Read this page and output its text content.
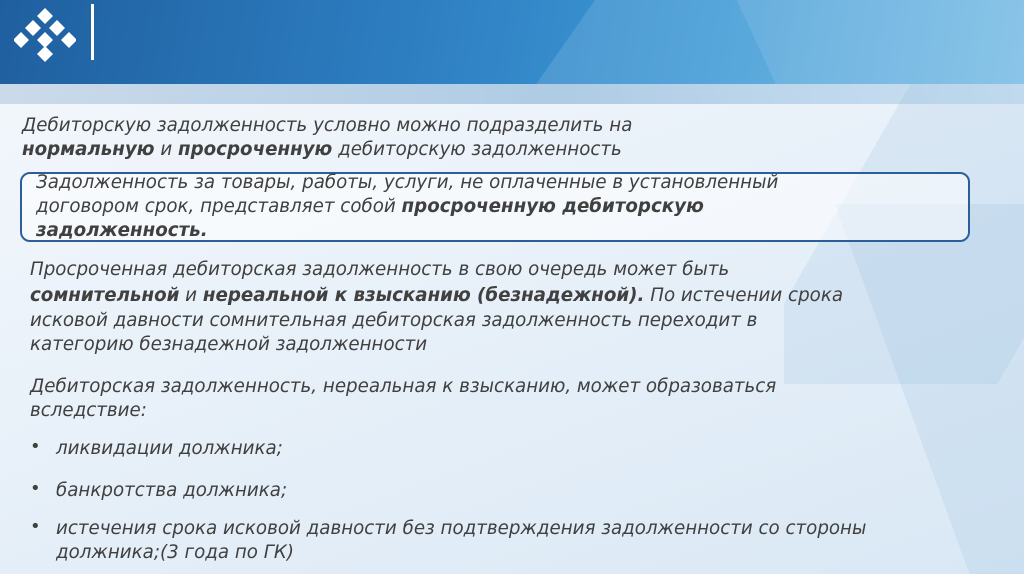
Дебиторскую задолженность условно можно подразделить на
нормальную и просроченную дебиторскую задолженность
Задолженность за товары, работы, услуги, не оплаченные в установленный
договором срок, представляет собой просроченную дебиторскую
задолженность.
Просроченная дебиторская задолженность в свою очередь может быть
сомнительной и нереальной к взысканию (безнадежной). По истечении срока
исковой давности сомнительная дебиторская задолженность переходит в
категорию безнадежной задолженности
Дебиторская задолженность, нереальная к взысканию, может образоваться
вследствие:
• ликвидации должника;
• банкротства должника;
• истечения срока исковой давности без подтверждения задолженности со стороны
должника;(3 года по ГК)
